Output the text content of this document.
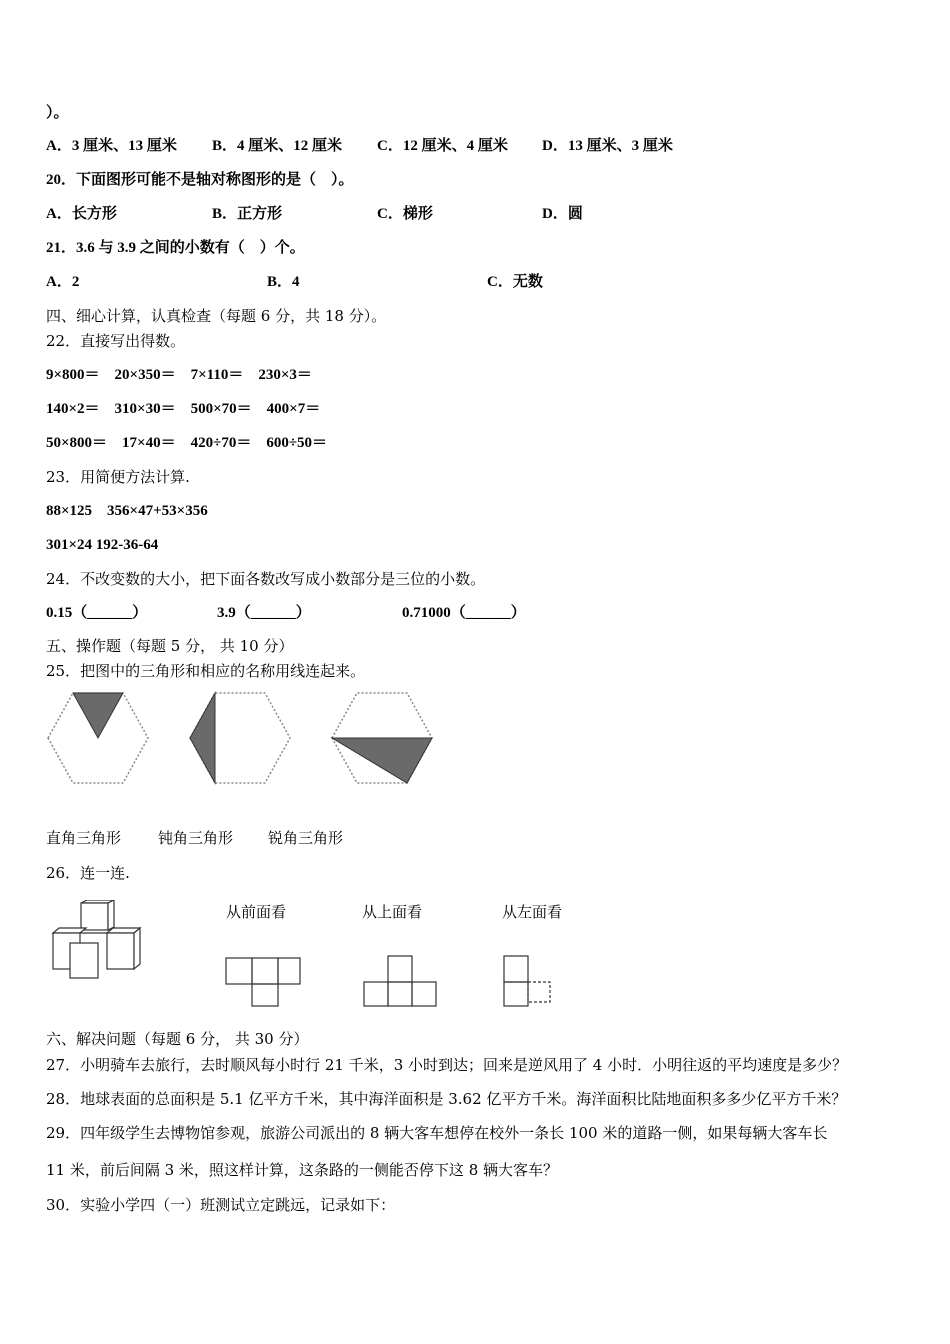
）。
A．3 厘米、13 厘米 B．4 厘米、12 厘米 C．12 厘米、4 厘米 D．13 厘米、3 厘米
20．下面图形可能不是轴对称图形的是（　）。
A．长方形	B．正方形	C．梯形	D．圆
21．3.6 与 3.9 之间的小数有（　）个。
A．2	B．4	C．无数
四、细心计算，认真检查（每题 6 分，共 18 分）。
22．直接写出得数。
9×800＝　20×350＝　7×110＝　230×3＝
140×2＝　310×30＝　500×70＝　400×7＝
50×800＝　17×40＝　420÷70＝　600÷50＝
23．用简便方法计算.
88×125　356×47+53×356
301×24 192-36-64
24．不改变数的大小，把下面各数改写成小数部分是三位的小数。
0.15（______）	3.9（______）	0.71000（______）
五、操作题（每题 5 分， 共 10 分）
25．把图中的三角形和相应的名称用线连起来。
直角三角形 钝角三角形 锐角三角形
26．连一连.
从前面看	从上面看	从左面看
六、解决问题（每题 6 分， 共 30 分）
27．小明骑车去旅行，去时顺风每小时行 21 千米，3 小时到达；回来是逆风用了 4 小时．小明往返的平均速度是多少？
28．地球表面的总面积是 5.1 亿平方千米，其中海洋面积是 3.62 亿平方千米。海洋面积比陆地面积多多少亿平方千米？
29．四年级学生去博物馆参观，旅游公司派出的 8 辆大客车想停在校外一条长 100 米的道路一侧，如果每辆大客车长
11 米，前后间隔 3 米，照这样计算，这条路的一侧能否停下这 8 辆大客车？
30．实验小学四（一）班测试立定跳远，记录如下：
